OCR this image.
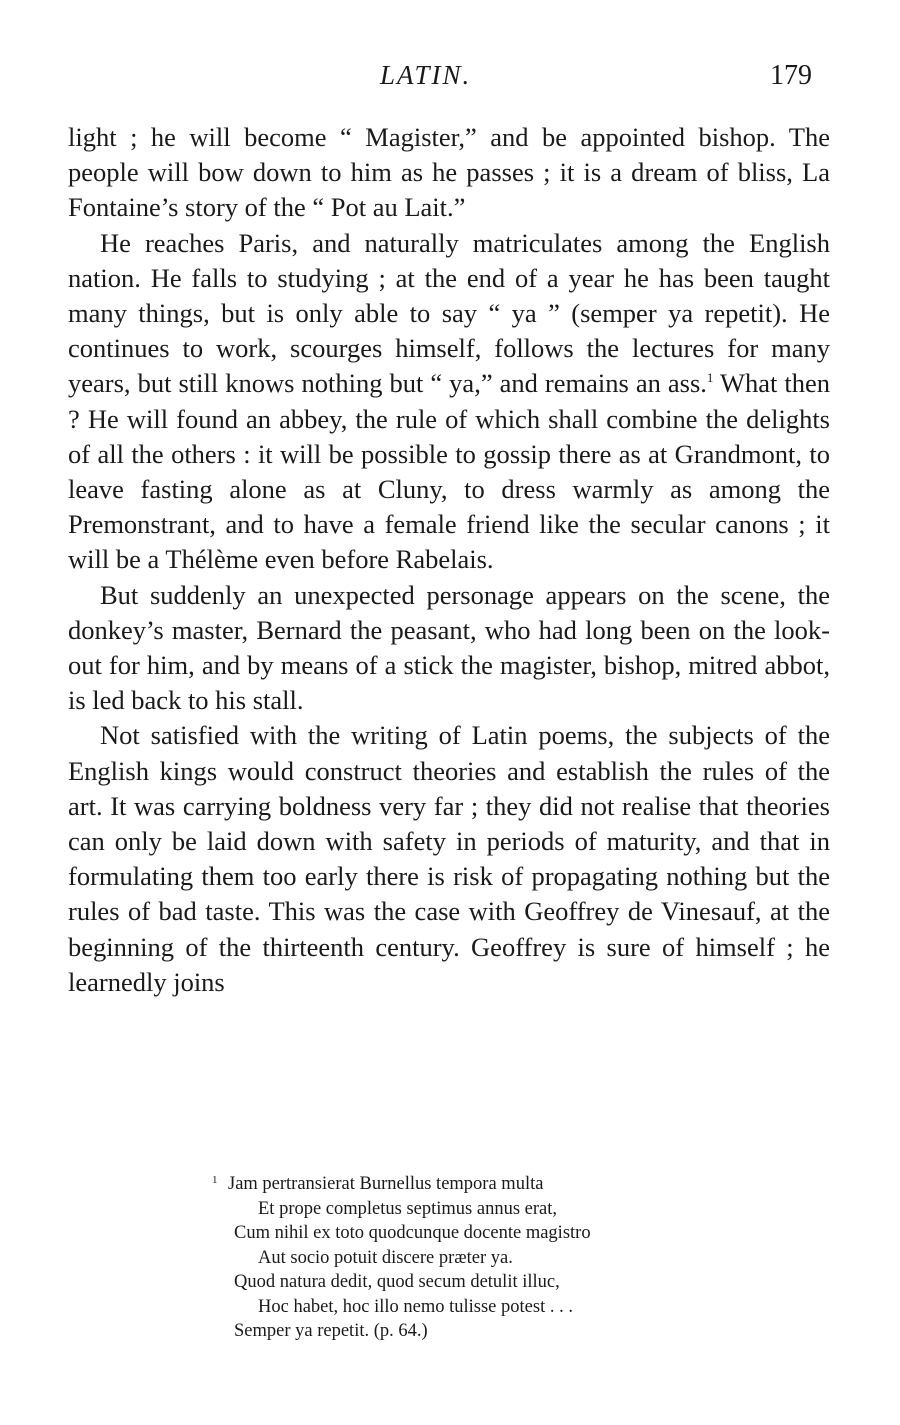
LATIN.	179

light ; he will become “ Magister,” and be appointed bishop. The people will bow down to him as he passes ; it is a dream of bliss, La Fontaine’s story of the “ Pot au Lait.”

He reaches Paris, and naturally matriculates among the English nation. He falls to studying ; at the end of a year he has been taught many things, but is only able to say “ ya ” (semper ya repetit). He continues to work, scourges himself, follows the lectures for many years, but still knows nothing but “ ya,” and remains an ass.$^1$ What then ? He will found an abbey, the rule of which shall combine the delights of all the others : it will be possible to gossip there as at Grandmont, to leave fasting alone as at Cluny, to dress warmly as among the Premonstrant, and to have a female friend like the secular canons ; it will be a Thélème even before Rabelais.

But suddenly an unexpected personage appears on the scene, the donkey’s master, Bernard the peasant, who had long been on the look-out for him, and by means of a stick the magister, bishop, mitred abbot, is led back to his stall.

Not satisfied with the writing of Latin poems, the subjects of the English kings would construct theories and establish the rules of the art. It was carrying boldness very far ; they did not realise that theories can only be laid down with safety in periods of maturity, and that in formulating them too early there is risk of propagating nothing but the rules of bad taste. This was the case with Geoffrey de Vinesauf, at the beginning of the thirteenth century. Geoffrey is sure of himself ; he learnedly joins

1 Jam pertransierat Burnellus tempora multa
Et prope completus septimus annus erat,
Cum nihil ex toto quodcunque docente magistro
Aut socio potuit discere præter ya.
Quod natura dedit, quod secum detulit illuc,
Hoc habet, hoc illo nemo tulisse potest . . .
Semper ya repetit. (p. 64.)
